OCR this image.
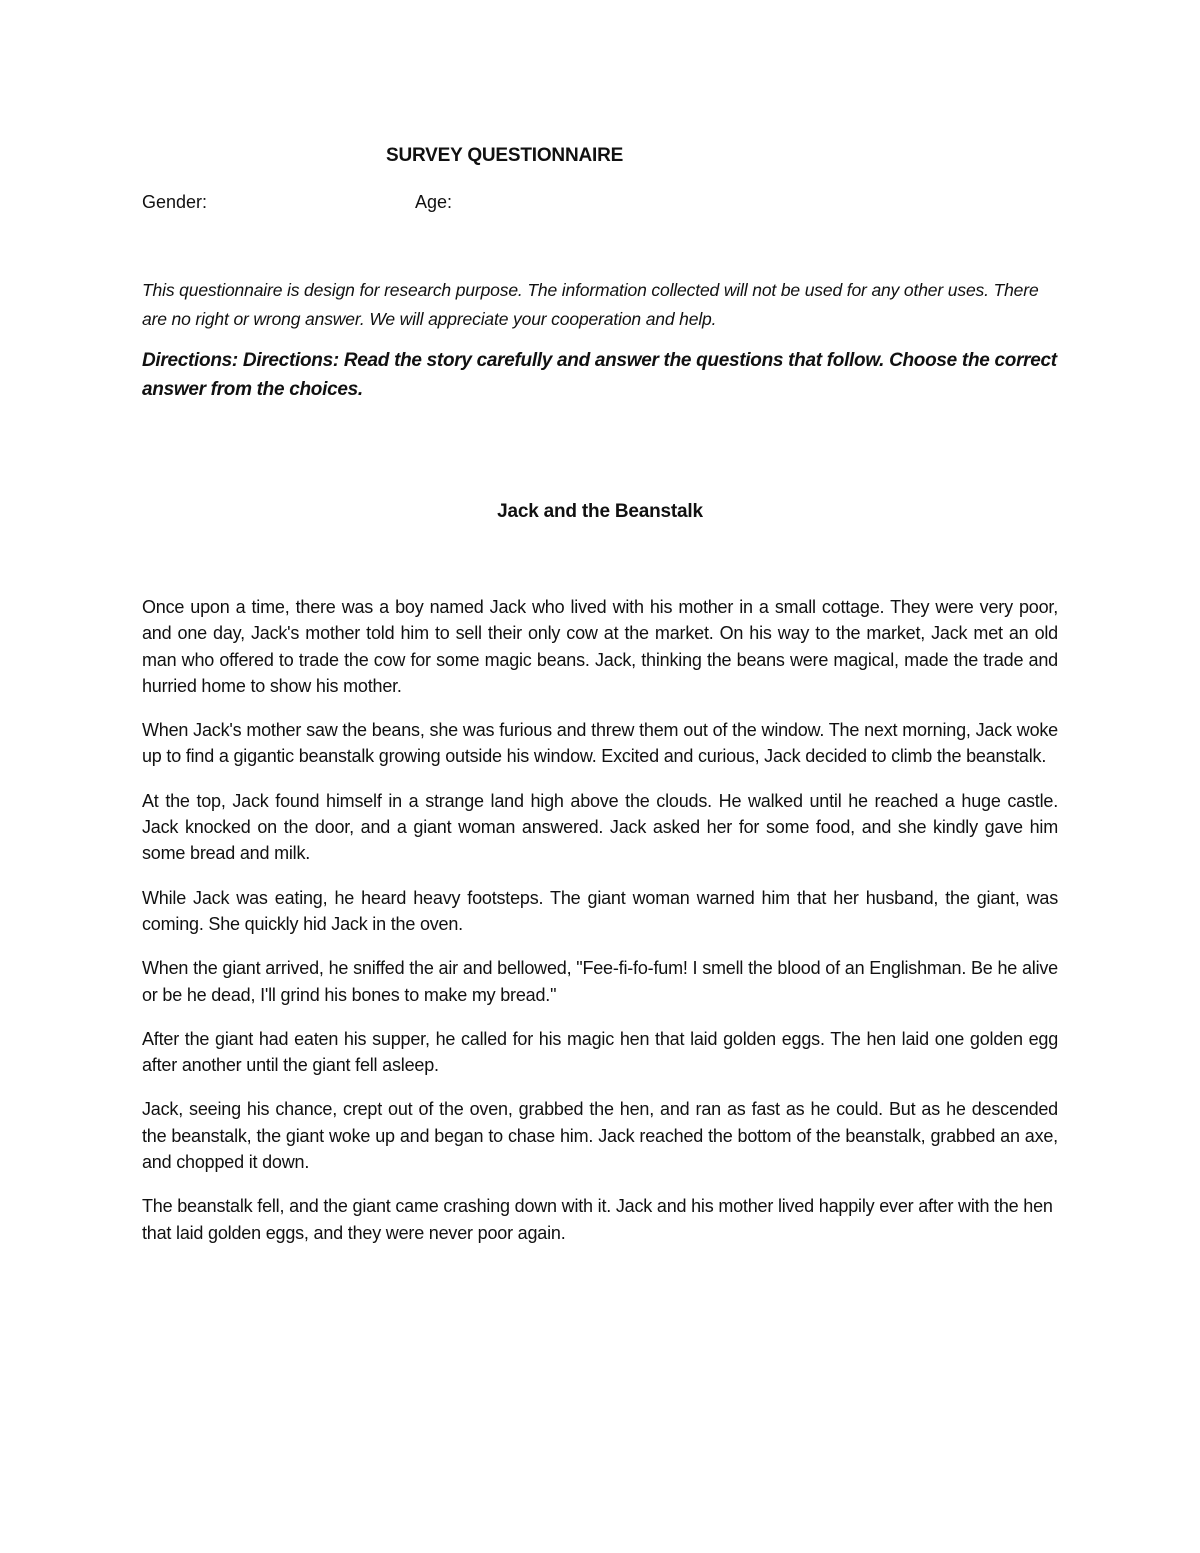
SURVEY QUESTIONNAIRE
Gender:	Age:

This questionnaire is design for research purpose. The information collected will not be used for any other uses. There are no right or wrong answer. We will appreciate your cooperation and help.

Directions: Directions: Read the story carefully and answer the questions that follow. Choose the correct answer from the choices.

Jack and the Beanstalk

Once upon a time, there was a boy named Jack who lived with his mother in a small cottage. They were very poor, and one day, Jack's mother told him to sell their only cow at the market. On his way to the market, Jack met an old man who offered to trade the cow for some magic beans. Jack, thinking the beans were magical, made the trade and hurried home to show his mother.

When Jack's mother saw the beans, she was furious and threw them out of the window. The next morning, Jack woke up to find a gigantic beanstalk growing outside his window. Excited and curious, Jack decided to climb the beanstalk.

At the top, Jack found himself in a strange land high above the clouds. He walked until he reached a huge castle. Jack knocked on the door, and a giant woman answered. Jack asked her for some food, and she kindly gave him some bread and milk.

While Jack was eating, he heard heavy footsteps. The giant woman warned him that her husband, the giant, was coming. She quickly hid Jack in the oven.

When the giant arrived, he sniffed the air and bellowed, "Fee-fi-fo-fum! I smell the blood of an Englishman. Be he alive or be he dead, I'll grind his bones to make my bread."

After the giant had eaten his supper, he called for his magic hen that laid golden eggs. The hen laid one golden egg after another until the giant fell asleep.

Jack, seeing his chance, crept out of the oven, grabbed the hen, and ran as fast as he could. But as he descended the beanstalk, the giant woke up and began to chase him. Jack reached the bottom of the beanstalk, grabbed an axe, and chopped it down.

The beanstalk fell, and the giant came crashing down with it. Jack and his mother lived happily ever after with the hen that laid golden eggs, and they were never poor again.
